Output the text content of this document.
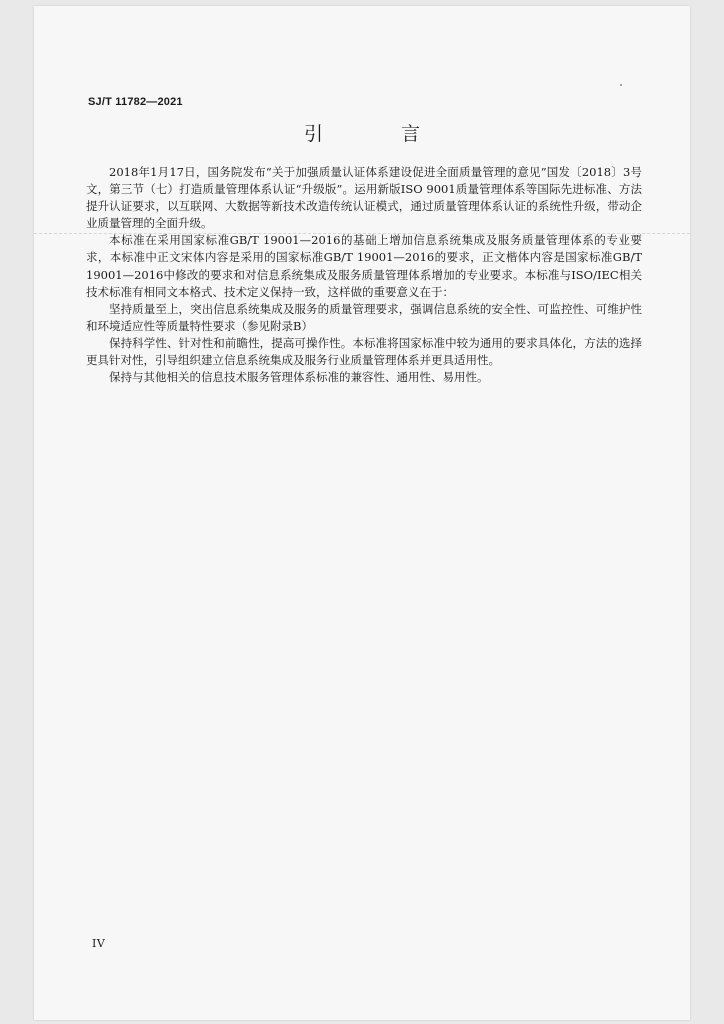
SJ/T 11782—2021
引 言

2018年1月17日，国务院发布“关于加强质量认证体系建设促进全面质量管理的意见”国发〔2018〕3号文，第三节（七）打造质量管理体系认证“升级版”。运用新版ISO 9001质量管理体系等国际先进标准、方法提升认证要求，以互联网、大数据等新技术改造传统认证模式，通过质量管理体系认证的系统性升级，带动企业质量管理的全面升级。

本标准在采用国家标准GB/T 19001—2016的基础上增加信息系统集成及服务质量管理体系的专业要求，本标准中正文宋体内容是采用的国家标准GB/T 19001—2016的要求，正文楷体内容是国家标准GB/T 19001—2016中修改的要求和对信息系统集成及服务质量管理体系增加的专业要求。本标准与ISO/IEC相关技术标准有相同文本格式、技术定义保持一致，这样做的重要意义在于：

坚持质量至上，突出信息系统集成及服务的质量管理要求，强调信息系统的安全性、可监控性、可维护性和环境适应性等质量特性要求（参见附录B）

保持科学性、针对性和前瞻性，提高可操作性。本标准将国家标准中较为通用的要求具体化，方法的选择更具针对性，引导组织建立信息系统集成及服务行业质量管理体系并更具适用性。

保持与其他相关的信息技术服务管理体系标准的兼容性、通用性、易用性。

IV
